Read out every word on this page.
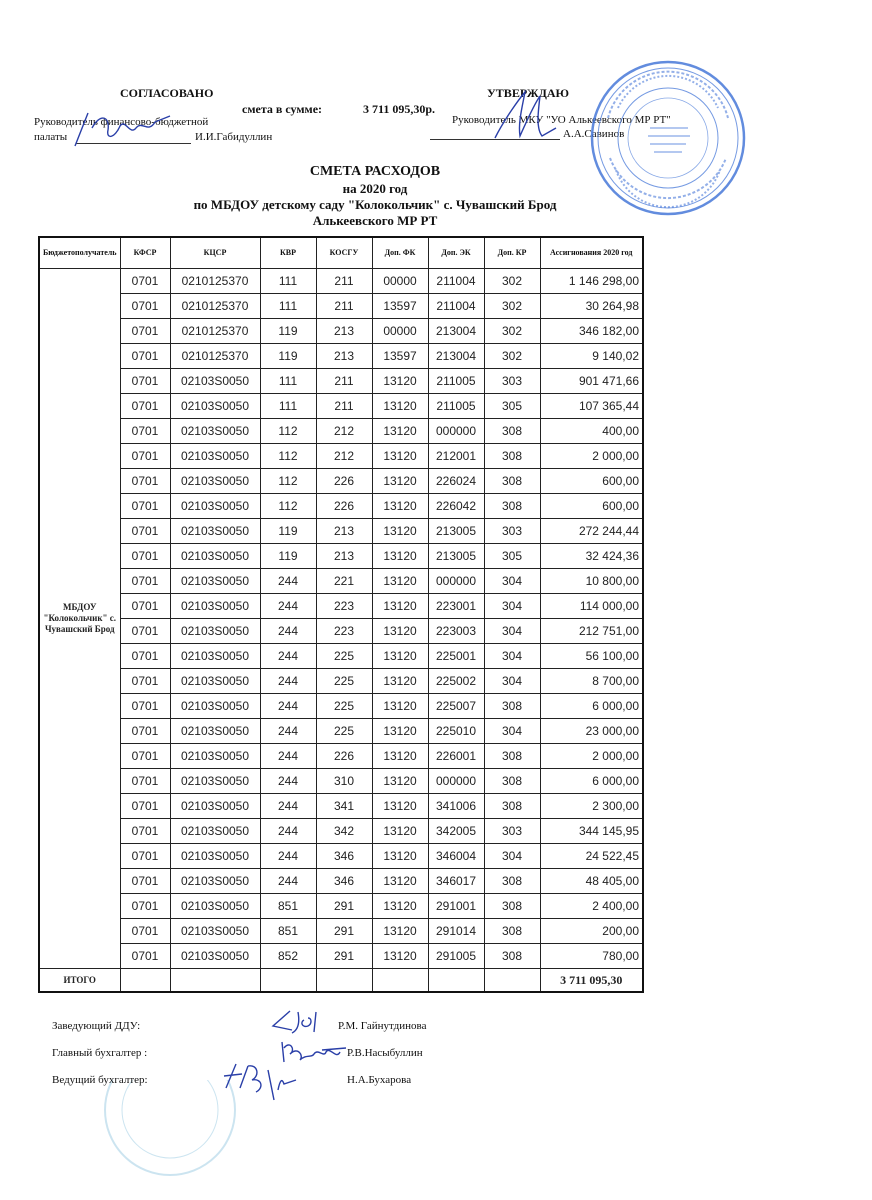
СОГЛАСОВАНО
Руководитель финансово-бюджетной
палаты	И.И.Габидуллин
смета в сумме:	3 711 095,30р.
УТВЕРЖДАЮ
Руководитель МКУ "УО Алькеевского МР РТ"
А.А.Савинов
СМЕТА РАСХОДОВ
на 2020 год
по МБДОУ детскому саду "Колокольчик" с. Чувашский Брод
Алькеевского МР РТ
Бюджетополучатель	КФСР	КЦСР	КВР	КОСГУ	Доп. ФК	Доп. ЭК	Доп. КР	Ассигнования 2020 год
МБДОУ "Колокольчик" с. Чувашский Брод	0701	0210125370	111	211	00000	211004	302	1 146 298,00
	0701	0210125370	111	211	13597	211004	302	30 264,98
	0701	0210125370	119	213	00000	213004	302	346 182,00
	0701	0210125370	119	213	13597	213004	302	9 140,02
	0701	02103S0050	111	211	13120	211005	303	901 471,66
	0701	02103S0050	111	211	13120	211005	305	107 365,44
	0701	02103S0050	112	212	13120	000000	308	400,00
	0701	02103S0050	112	212	13120	212001	308	2 000,00
	0701	02103S0050	112	226	13120	226024	308	600,00
	0701	02103S0050	112	226	13120	226042	308	600,00
	0701	02103S0050	119	213	13120	213005	303	272 244,44
	0701	02103S0050	119	213	13120	213005	305	32 424,36
	0701	02103S0050	244	221	13120	000000	304	10 800,00
	0701	02103S0050	244	223	13120	223001	304	114 000,00
	0701	02103S0050	244	223	13120	223003	304	212 751,00
	0701	02103S0050	244	225	13120	225001	304	56 100,00
	0701	02103S0050	244	225	13120	225002	304	8 700,00
	0701	02103S0050	244	225	13120	225007	308	6 000,00
	0701	02103S0050	244	225	13120	225010	304	23 000,00
	0701	02103S0050	244	226	13120	226001	308	2 000,00
	0701	02103S0050	244	310	13120	000000	308	6 000,00
	0701	02103S0050	244	341	13120	341006	308	2 300,00
	0701	02103S0050	244	342	13120	342005	303	344 145,95
	0701	02103S0050	244	346	13120	346004	304	24 522,45
	0701	02103S0050	244	346	13120	346017	308	48 405,00
	0701	02103S0050	851	291	13120	291001	308	2 400,00
	0701	02103S0050	851	291	13120	291014	308	200,00
	0701	02103S0050	852	291	13120	291005	308	780,00
ИТОГО								3 711 095,30
Заведующий ДДУ:	Р.М. Гайнутдинова
Главный бухгалтер :	Р.В.Насыбуллин
Ведущий бухгалтер:	Н.А.Бухарова
